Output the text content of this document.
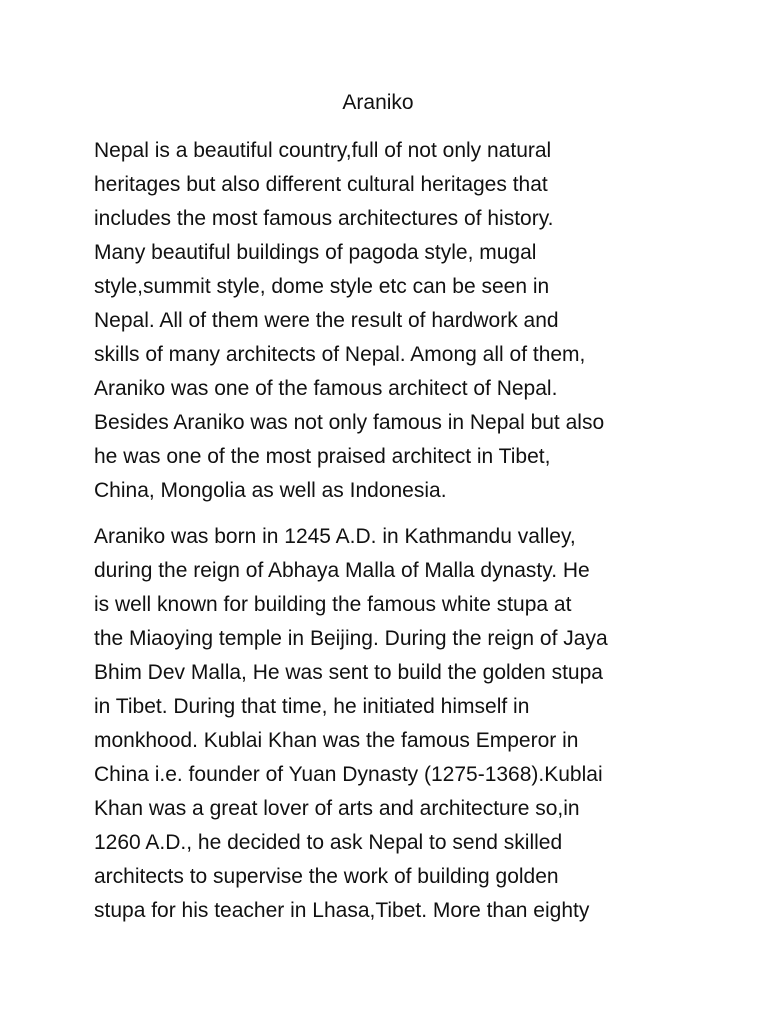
Araniko

Nepal is a beautiful country,full of not only natural

heritages but also different cultural heritages that

includes the most famous architectures of history.

Many beautiful buildings of pagoda style, mugal

style,summit style, dome style etc can be seen in

Nepal. All of them were the result of hardwork and

skills of many architects of Nepal. Among all of them,

Araniko was one of the famous architect of Nepal.

Besides Araniko was not only famous in Nepal but also

he was one of the most praised architect in Tibet,

China, Mongolia as well as Indonesia.

Araniko was born in 1245 A.D. in Kathmandu valley,

during the reign of Abhaya Malla of Malla dynasty. He

is well known for building the famous white stupa at

the Miaoying temple in Beijing. During the reign of Jaya

Bhim Dev Malla, He was sent to build the golden stupa

in Tibet. During that time, he initiated himself in

monkhood. Kublai Khan was the famous Emperor in

China i.e. founder of Yuan Dynasty (1275-1368).Kublai

Khan was a great lover of arts and architecture so,in

1260 A.D., he decided to ask Nepal to send skilled

architects to supervise the work of building golden

stupa for his teacher in Lhasa,Tibet. More than eighty
